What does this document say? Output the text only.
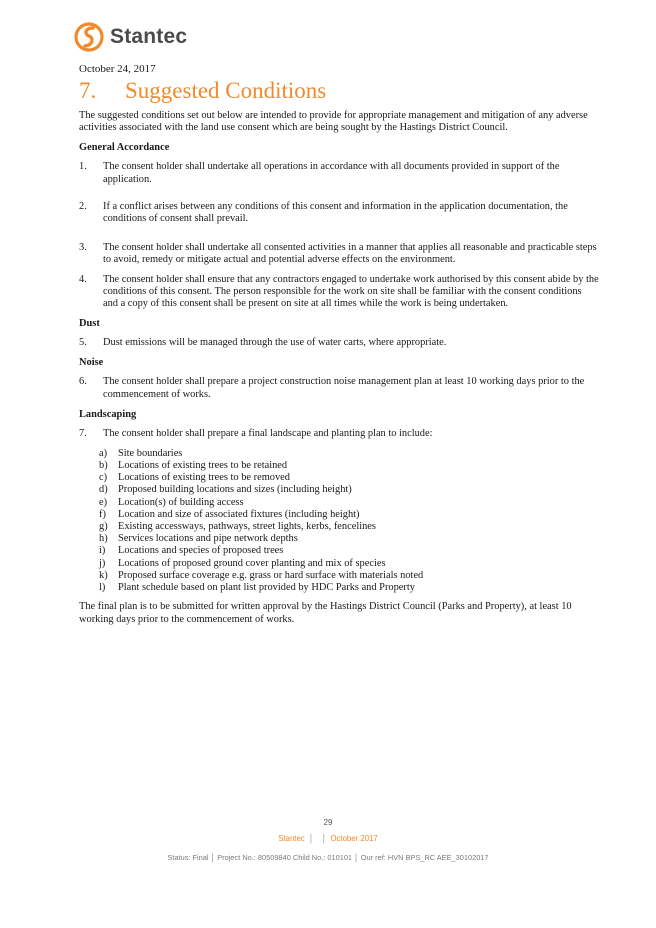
Stantec
October 24, 2017
7.	Suggested Conditions

The suggested conditions set out below are intended to provide for appropriate management and mitigation of any adverse activities associated with the land use consent which are being sought by the Hastings District Council.

General Accordance

1.	The consent holder shall undertake all operations in accordance with all documents provided in support of the application.
2.	If a conflict arises between any conditions of this consent and information in the application documentation, the conditions of consent shall prevail.
3.	The consent holder shall undertake all consented activities in a manner that applies all reasonable and practicable steps to avoid, remedy or mitigate actual and potential adverse effects on the environment.
4.	The consent holder shall ensure that any contractors engaged to undertake work authorised by this consent abide by the conditions of this consent. The person responsible for the work on site shall be familiar with the consent conditions and a copy of this consent shall be present on site at all times while the work is being undertaken.

Dust

5.	Dust emissions will be managed through the use of water carts, where appropriate.

Noise

6.	The consent holder shall prepare a project construction noise management plan at least 10 working days prior to the commencement of works.

Landscaping

7.	The consent holder shall prepare a final landscape and planting plan to include:
a)	Site boundaries
b) Locations of existing trees to be retained
c)	Locations of existing trees to be removed
d) Proposed building locations and sizes (including height)
e)	Location(s) of building access
f)	Location and size of associated fixtures (including height)
g) Existing accessways, pathways, street lights, kerbs, fencelines
h) Services locations and pipe network depths
i)	Locations and species of proposed trees
j)	Locations of proposed ground cover planting and mix of species
k) Proposed surface coverage e.g. grass or hard surface with materials noted
l)	Plant schedule based on plant list provided by HDC Parks and Property

The final plan is to be submitted for written approval by the Hastings District Council (Parks and Property), at least 10 working days prior to the commencement of works.

29
Stantec │ │ October 2017
Status: Final │ Project No.: 80509840 Child No.: 010101 │ Our ref: HVN BPS_RC AEE_30102017
